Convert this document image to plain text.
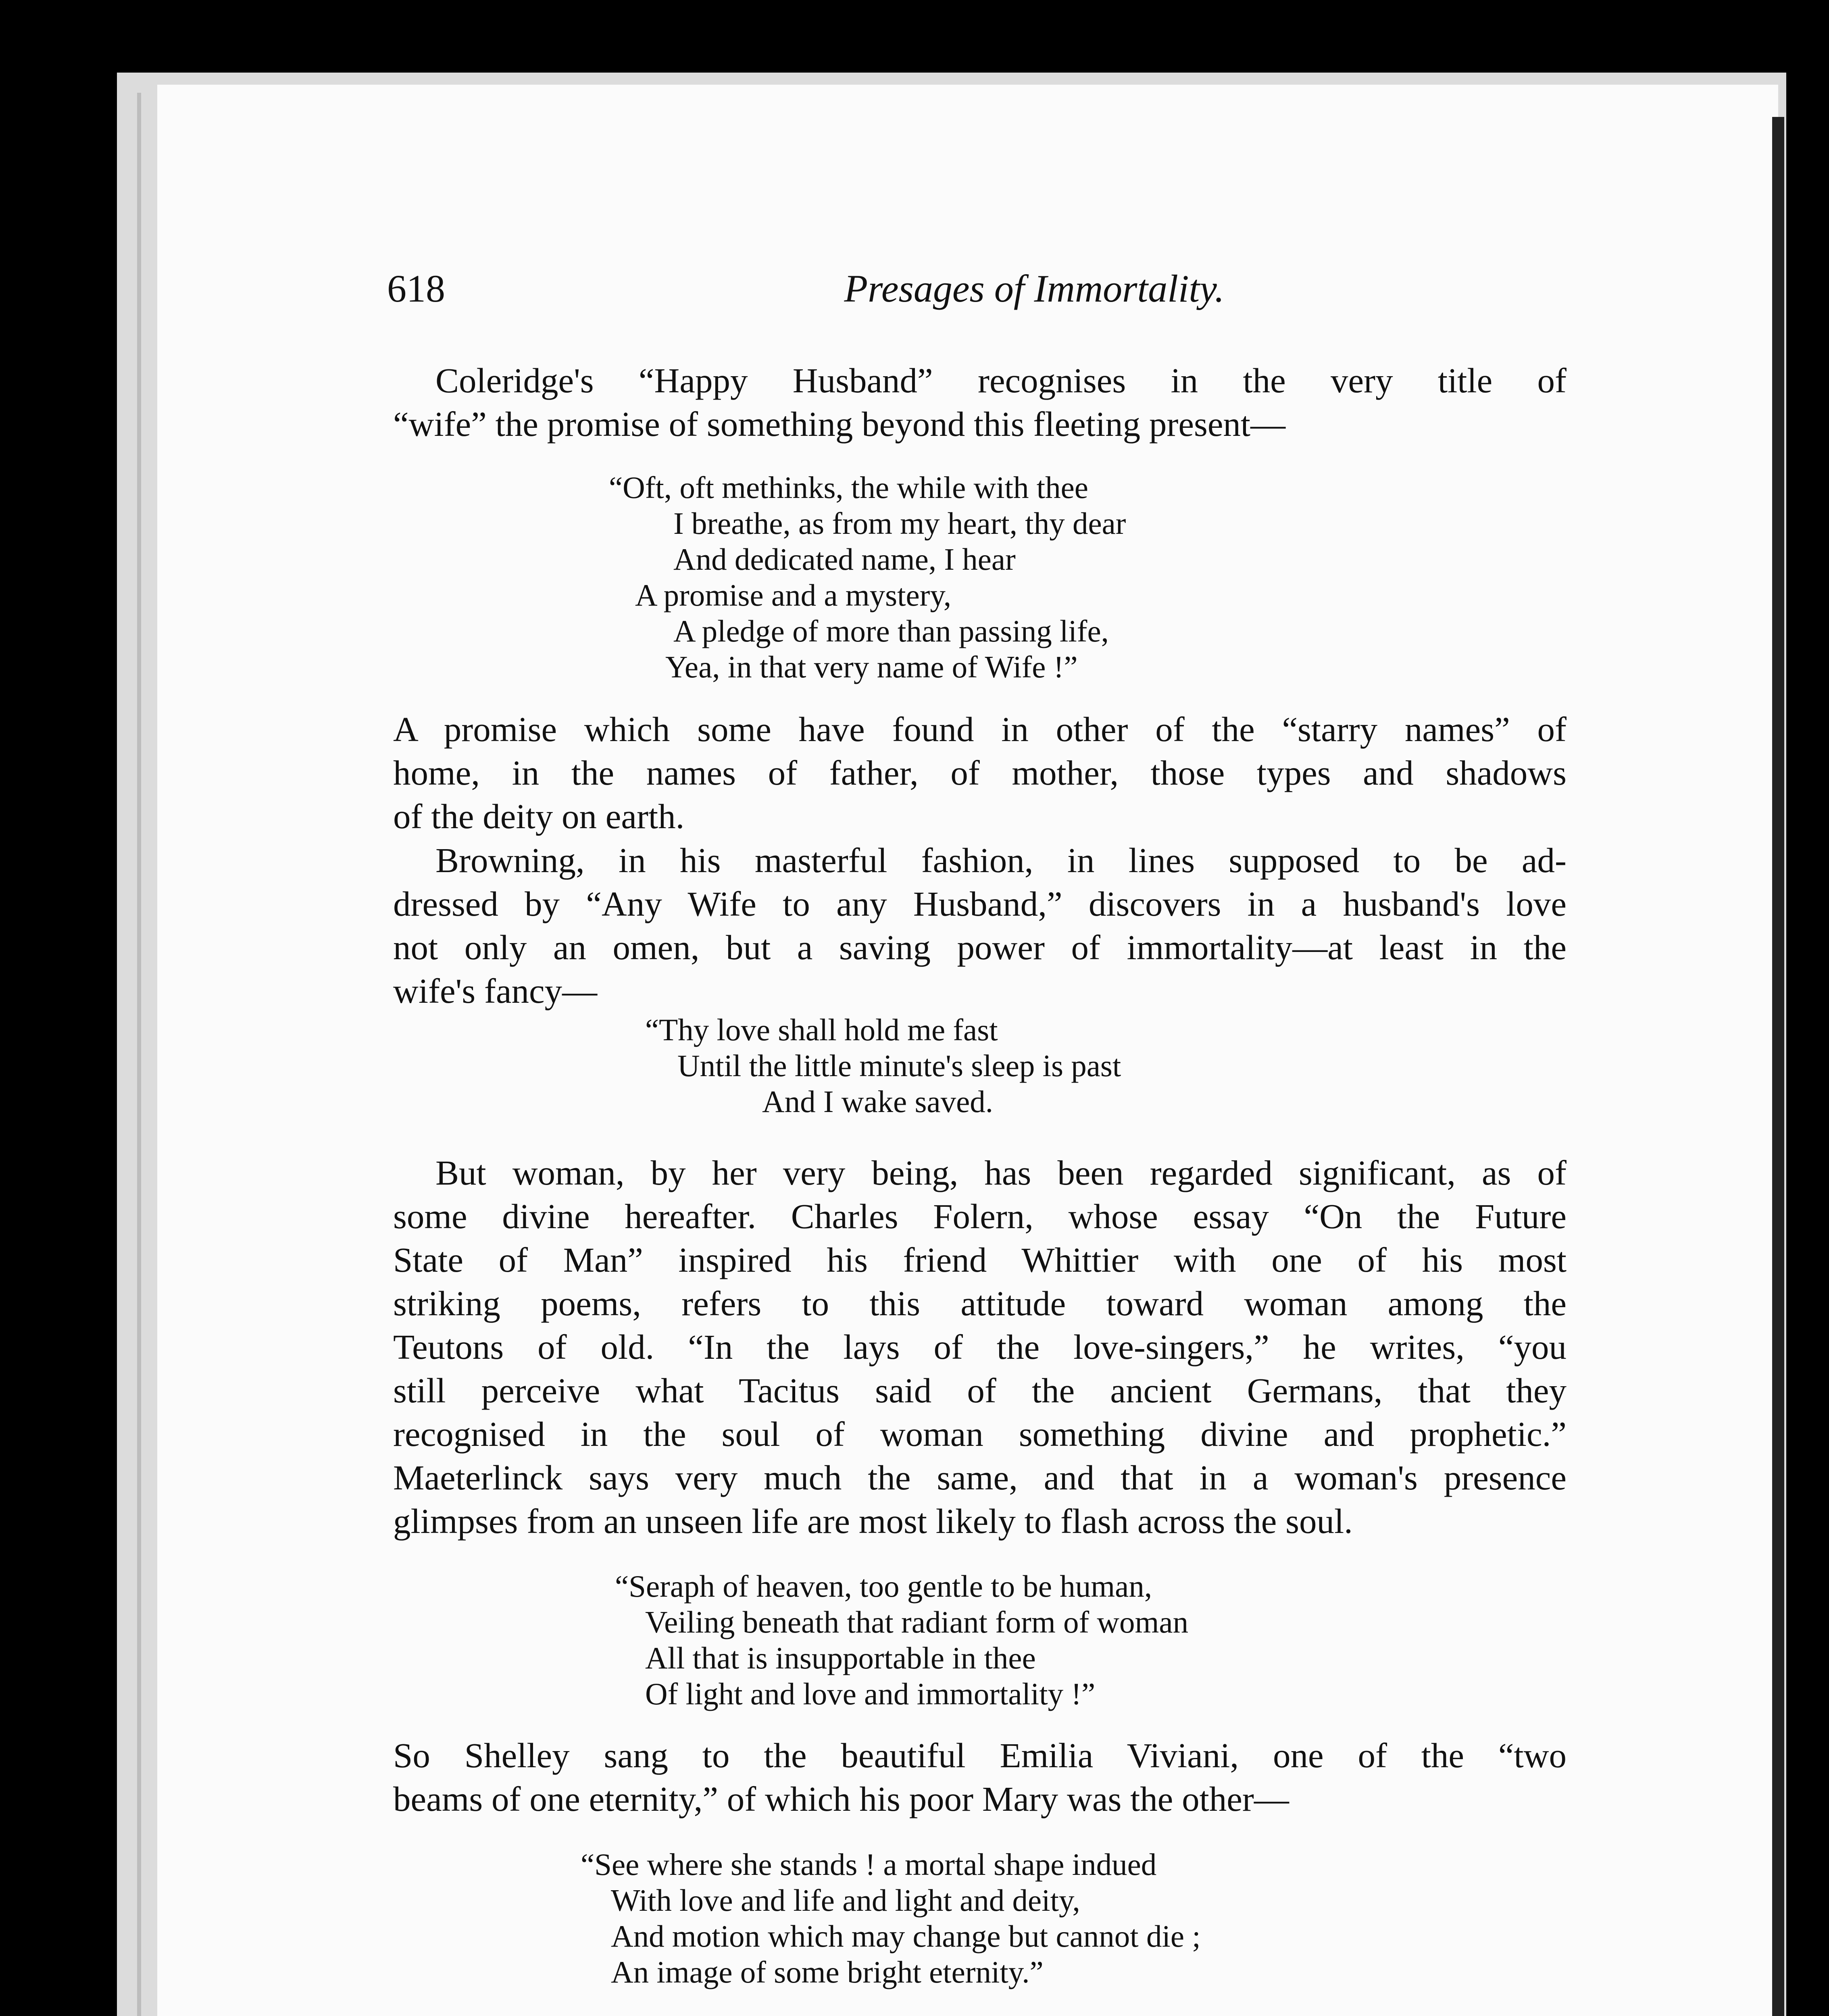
618	Presages of Immortality.

Coleridge's “Happy Husband” recognises in the very title of
“wife” the promise of something beyond this fleeting present—

“Oft, oft methinks, the while with thee
I breathe, as from my heart, thy dear
And dedicated name, I hear
A promise and a mystery,
A pledge of more than passing life,
Yea, in that very name of Wife !”

A promise which some have found in other of the “starry names” of
home, in the names of father, of mother, those types and shadows
of the deity on earth.

Browning, in his masterful fashion, in lines supposed to be ad-
dressed by “Any Wife to any Husband,” discovers in a husband's love
not only an omen, but a saving power of immortality—at least in the
wife's fancy—

“Thy love shall hold me fast
Until the little minute's sleep is past
And I wake saved.

But woman, by her very being, has been regarded significant, as of
some divine hereafter. Charles Folern, whose essay “On the Future
State of Man” inspired his friend Whittier with one of his most
striking poems, refers to this attitude toward woman among the
Teutons of old. “In the lays of the love-singers,” he writes, “you
still perceive what Tacitus said of the ancient Germans, that they
recognised in the soul of woman something divine and prophetic.”
Maeterlinck says very much the same, and that in a woman's presence
glimpses from an unseen life are most likely to flash across the soul.

“Seraph of heaven, too gentle to be human,
Veiling beneath that radiant form of woman
All that is insupportable in thee
Of light and love and immortality !”

So Shelley sang to the beautiful Emilia Viviani, one of the “two
beams of one eternity,” of which his poor Mary was the other—

“See where she stands ! a mortal shape indued
With love and life and light and deity,
And motion which may change but cannot die ;
An image of some bright eternity.”
